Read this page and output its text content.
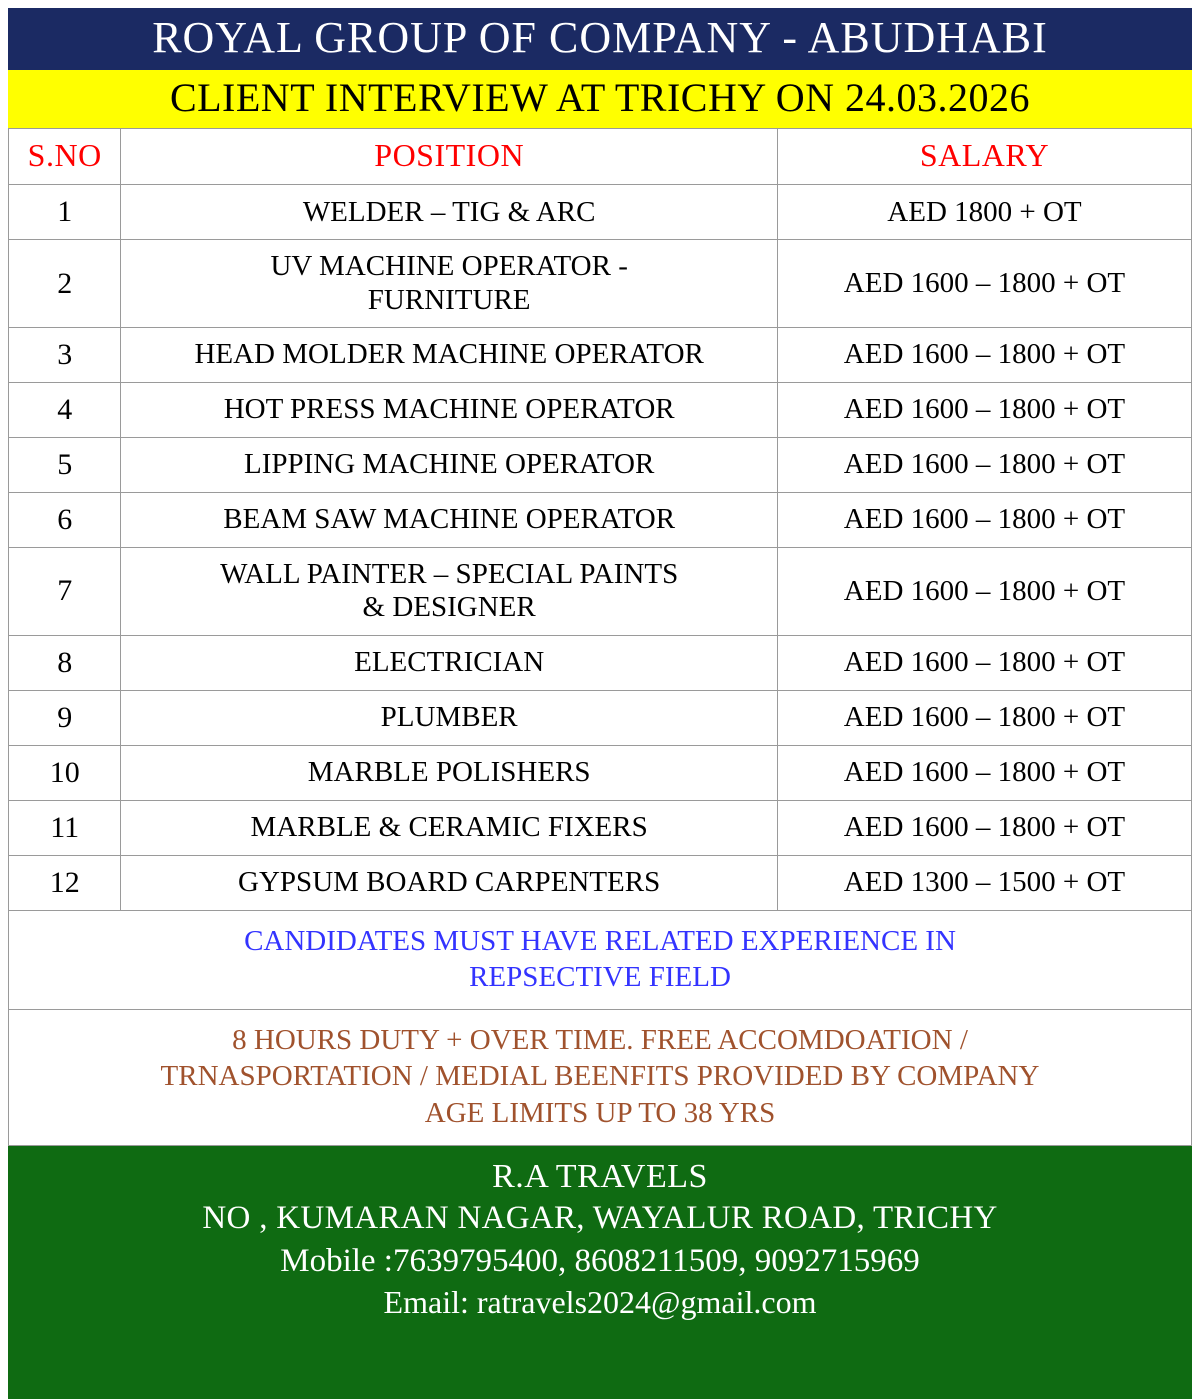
ROYAL GROUP OF COMPANY - ABUDHABI
CLIENT INTERVIEW AT TRICHY ON 24.03.2026
S.NO	POSITION	SALARY
1	WELDER – TIG & ARC	AED 1800 + OT
2	UV MACHINE OPERATOR -
FURNITURE	AED 1600 – 1800 + OT
3	HEAD MOLDER MACHINE OPERATOR	AED 1600 – 1800 + OT
4	HOT PRESS MACHINE OPERATOR	AED 1600 – 1800 + OT
5	LIPPING MACHINE OPERATOR	AED 1600 – 1800 + OT
6	BEAM SAW MACHINE OPERATOR	AED 1600 – 1800 + OT
7	WALL PAINTER – SPECIAL PAINTS
& DESIGNER	AED 1600 – 1800 + OT
8	ELECTRICIAN	AED 1600 – 1800 + OT
9	PLUMBER	AED 1600 – 1800 + OT
10	MARBLE POLISHERS	AED 1600 – 1800 + OT
11	MARBLE & CERAMIC FIXERS	AED 1600 – 1800 + OT
12	GYPSUM BOARD CARPENTERS	AED 1300 – 1500 + OT

CANDIDATES MUST HAVE RELATED EXPERIENCE IN
REPSECTIVE FIELD		

8 HOURS DUTY + OVER TIME. FREE ACCOMDOATION /
TRNASPORTATION / MEDIAL BEENFITS PROVIDED BY COMPANY
AGE LIMITS UP TO 38 YRS		
R.A TRAVELS
NO , KUMARAN NAGAR, WAYALUR ROAD, TRICHY
Mobile :7639795400, 8608211509, 9092715969
Email: ratravels2024@gmail.com
